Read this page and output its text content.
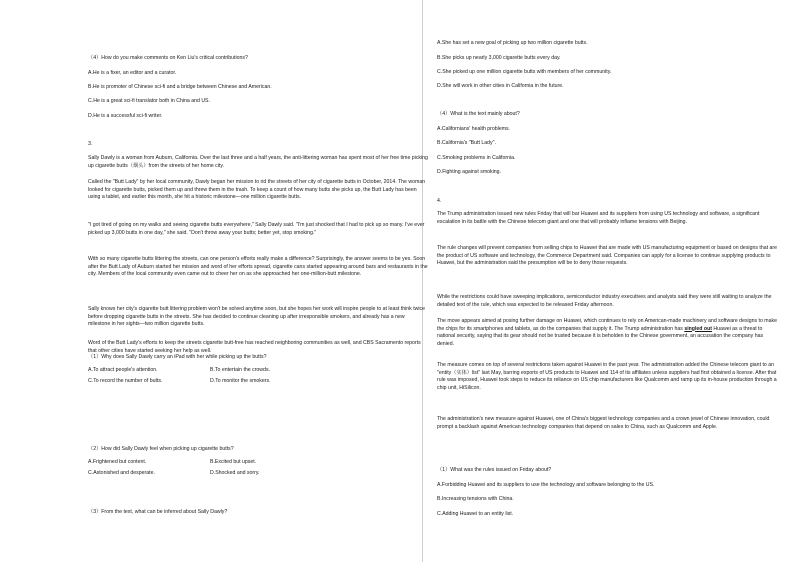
（4）How do you make comments on Ken Liu's critical contributions?

A.He is a fixer, an editor and a curator.

B.He is promoter of Chinese sci-fi and a bridge between Chinese and American.

C.He is a great sci-fi translator both in China and US.

D.He is a successful sci-fi writer.

3.

Sally Dawly is a woman from Auburn, California. Over the last three and a half years, the anti-littering woman has spent most of her free time picking up cigarette butts（烟头）from the streets of her home city.

Called the "Butt Lady" by her local community, Dawly began her mission to rid the streets of her city of cigarette butts in October, 2014. The woman looked for cigarette butts, picked them up and threw them in the trash. To keep a count of how many butts she picks up, the Butt Lady has been using a tablet, and earlier this month, she hit a historic milestone—one million cigarette butts.

"I got tired of going on my walks and seeing cigarette butts everywhere," Sally Dawly said. "I'm just shocked that I had to pick up so many. I've ever picked up 3,000 butts in one day," she said. "Don't throw away your butts; better yet, stop smoking."

With so many cigarette butts littering the streets, can one person's efforts really make a difference? Surprisingly, the answer seems to be yes. Soon after the Butt Lady of Auburn started her mission and word of her efforts spread, cigarette cans started appearing around bars and restaurants in the city. Members of the local community even came out to cheer her on as she approached her one-million-butt milestone.

Sally knows her city's cigarette butt littering problem won't be solved anytime soon, but she hopes her work will inspire people to at least think twice before dropping cigarette butts in the streets. She has decided to continue cleaning up after irresponsible smokers, and already has a new milestone in her sights—two million cigarette butts.

Word of the Butt Lady's efforts to keep the streets cigarette butt-free has reached neighboring communities as well, and CBS Sacramento reports that other cities have started seeking her help as well.

（1）Why does Sally Dawly carry an iPad with her while picking up the butts?

A.To attract people's attention.	B.To entertain the crowds.
C.To record the number of butts.	D.To monitor the smokers.

（2）How did Sally Dawly feel when picking up cigarette butts?

A.Frightened but content.	B.Excited but upset.
C.Astonished and desperate.	D.Shocked and sorry.

（3）From the text, what can be inferred about Sally Dawly?

A.She has set a new goal of picking up two million cigarette butts.

B.She picks up nearly 3,000 cigarette butts every day.

C.She picked up one million cigarette butts with members of her community.

D.She will work in other cities in California in the future.

（4）What is the text mainly about?

A.Californians' health problems.

B.California's "Butt Lady".

C.Smoking problems in California.

D.Fighting against smoking.

4.

The Trump administration issued new rules Friday that will bar Huawei and its suppliers from using US technology and software, a significant escalation in its battle with the Chinese telecom giant and one that will probably inflame tensions with Beijing.

The rule changes will prevent companies from selling chips to Huawei that are made with US manufacturing equipment or based on designs that are the product of US software and technology, the Commerce Department said. Companies can apply for a license to continue supplying products to Huawei, but the administration said the presumption will be to deny those requests.

While the restrictions could have sweeping implications, semiconductor industry executives and analysts said they were still waiting to analyze the detailed text of the rule, which was expected to be released Friday afternoon.

The move appears aimed at posing further damage on Huawei, which continues to rely on American-made machinery and software designs to make the chips for its smartphones and tablets, as do the companies that supply it. The Trump administration has singled out Huawei as a threat to national security, saying that its gear should not be trusted because it is beholden to the Chinese government, an accusation the company has denied.

The measure comes on top of several restrictions taken against Huawei in the past year. The administration added the Chinese telecom giant to an "entity（实体）list" last May, barring exports of US products to Huawei and 114 of its affiliates unless suppliers had first obtained a license. After that rule was imposed, Huawei took steps to reduce its reliance on US chip manufacturers like Qualcomm and ramp up its in-house production through a chip unit, HiSilicon.

The administration's new measure against Huawei, one of China's biggest technology companies and a crown jewel of Chinese innovation, could prompt a backlash against American technology companies that depend on sales to China, such as Qualcomm and Apple.

（1）What was the rules issued on Friday about?

A.Forbidding Huawei and its suppliers to use the technology and software belonging to the US.

B.Increasing tensions with China.

C.Adding Huawei to an entity list.
